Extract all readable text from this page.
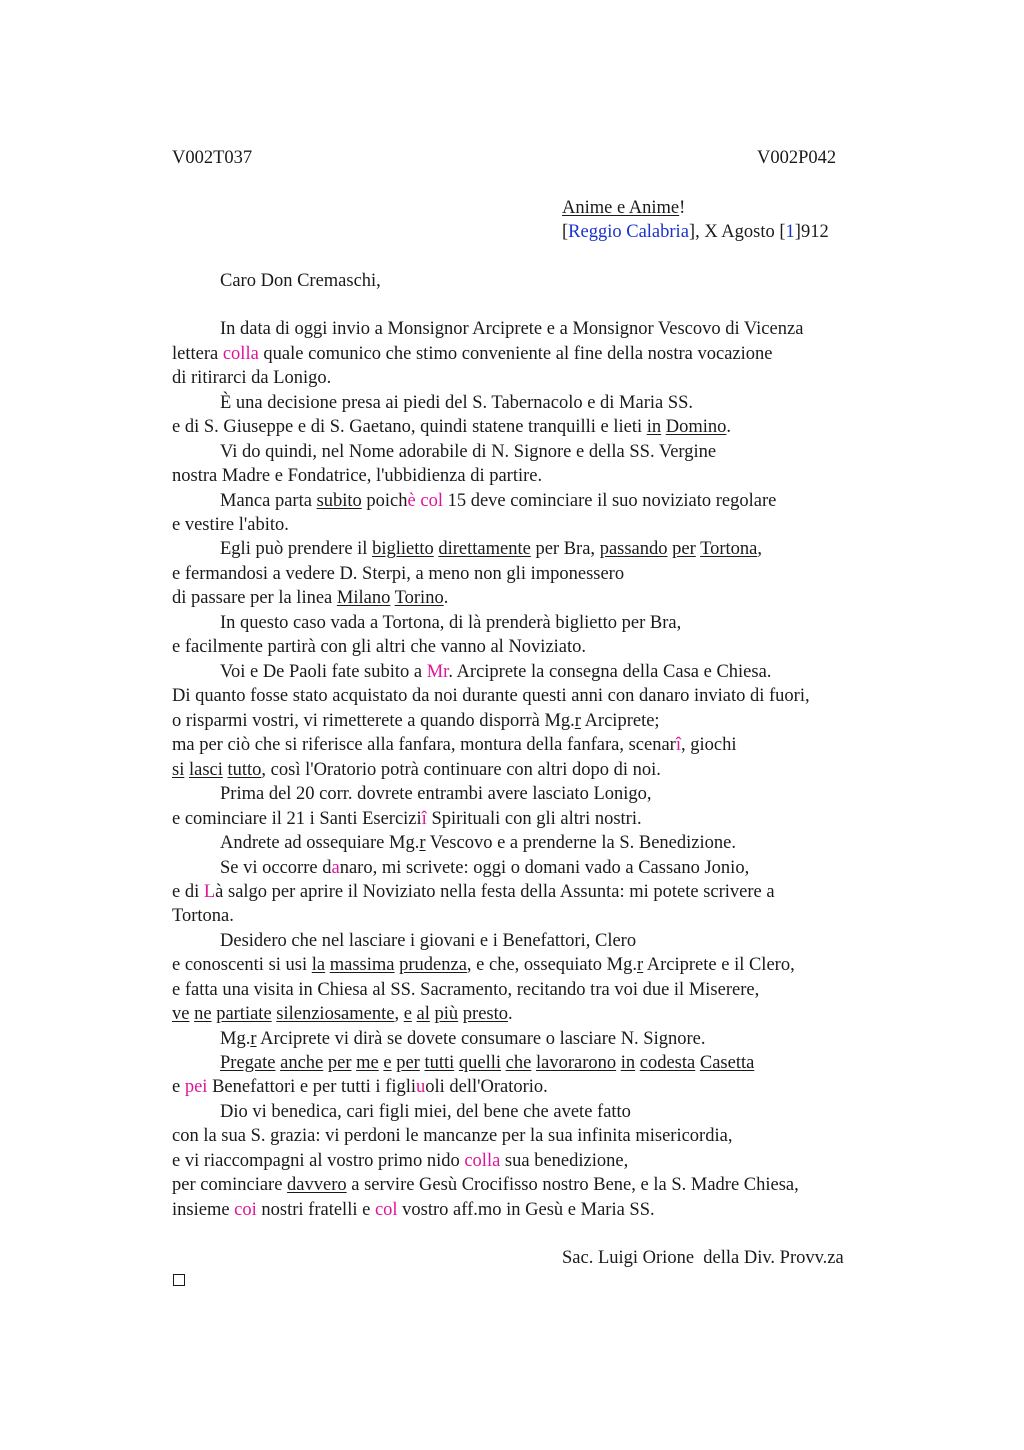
V002T037	V002P042
Anime e Anime!
[Reggio Calabria], X Agosto [1]912
Caro Don Cremaschi,
In data di oggi invio a Monsignor Arciprete e a Monsignor Vescovo di Vicenza
lettera colla quale comunico che stimo conveniente al fine della nostra vocazione
di ritirarci da Lonigo.
È una decisione presa ai piedi del S. Tabernacolo e di Maria SS.
e di S. Giuseppe e di S. Gaetano, quindi statene tranquilli e lieti in Domino.
Vi do quindi, nel Nome adorabile di N. Signore e della SS. Vergine
nostra Madre e Fondatrice, l'ubbidienza di partire.
Manca parta subito poichè col 15 deve cominciare il suo noviziato regolare
e vestire l'abito.
Egli può prendere il biglietto direttamente per Bra, passando per Tortona,
e fermandosi a vedere D. Sterpi, a meno non gli imponessero
di passare per la linea Milano Torino.
In questo caso vada a Tortona, di là prenderà biglietto per Bra,
e facilmente partirà con gli altri che vanno al Noviziato.
Voi e De Paoli fate subito a Mr. Arciprete la consegna della Casa e Chiesa.
Di quanto fosse stato acquistato da noi durante questi anni con danaro inviato di fuori,
o risparmi vostri, vi rimetterete a quando disporrà Mg.r Arciprete;
ma per ciò che si riferisce alla fanfara, montura della fanfara, scenarî, giochi
si lasci tutto, così l'Oratorio potrà continuare con altri dopo di noi.
Prima del 20 corr. dovrete entrambi avere lasciato Lonigo,
e cominciare il 21 i Santi Eserciziî Spirituali con gli altri nostri.
Andrete ad ossequiare Mg.r Vescovo e a prenderne la S. Benedizione.
Se vi occorre danaro, mi scrivete: oggi o domani vado a Cassano Jonio,
e di Là salgo per aprire il Noviziato nella festa della Assunta: mi potete scrivere a
Tortona.
Desidero che nel lasciare i giovani e i Benefattori, Clero
e conoscenti si usi la massima prudenza, e che, ossequiato Mg.r Arciprete e il Clero,
e fatta una visita in Chiesa al SS. Sacramento, recitando tra voi due il Miserere,
ve ne partiate silenziosamente, e al più presto.
Mg.r Arciprete vi dirà se dovete consumare o lasciare N. Signore.
Pregate anche per me e per tutti quelli che lavorarono in codesta Casetta
e pei Benefattori e per tutti i figliuoli dell'Oratorio.
Dio vi benedica, cari figli miei, del bene che avete fatto
con la sua S. grazia: vi perdoni le mancanze per la sua infinita misericordia,
e vi riaccompagni al vostro primo nido colla sua benedizione,
per cominciare davvero a servire Gesù Crocifisso nostro Bene, e la S. Madre Chiesa,
insieme coi nostri fratelli e col vostro aff.mo in Gesù e Maria SS.
Sac. Luigi Orione  della Div. Provv.za
